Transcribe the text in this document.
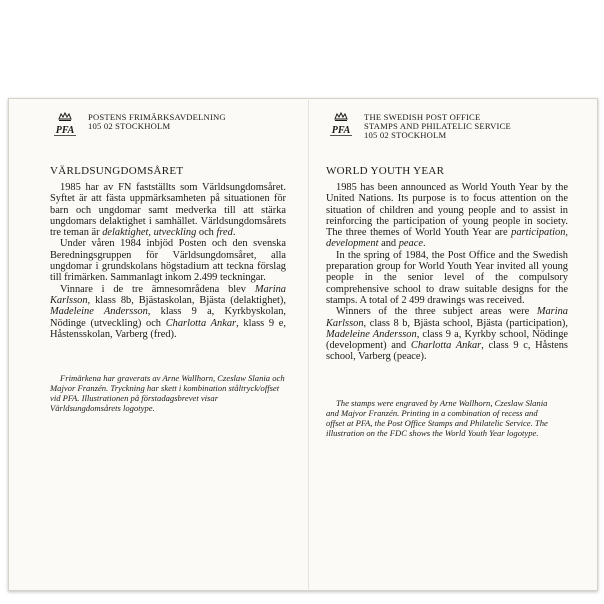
PFA
POSTENS FRIMÄRKSAVDELNING
105 02 STOCKHOLM
VÄRLDSUNGDOMSÅRET

1985 har av FN fastställts som Världsungdomsåret. Syftet är att fästa uppmärksamheten på situationen för barn och ungdomar samt medverka till att stärka ungdomars delaktighet i samhället. Världsungdomsårets tre teman är delaktighet, utveckling och fred.

Under våren 1984 inbjöd Posten och den svenska Beredningsgruppen för Världsungdomsåret, alla ungdomar i grundskolans högstadium att teckna förslag till frimärken. Sammanlagt inkom 2.499 teckningar.

Vinnare i de tre ämnesområdena blev Marina Karlsson, klass 8b, Bjästaskolan, Bjästa (delaktighet), Madeleine Andersson, klass 9 a, Kyrkbyskolan, Nödinge (utveckling) och Charlotta Ankar, klass 9 e, Håstensskolan, Varberg (fred).

Frimärkena har graverats av Arne Wallhorn, Czeslaw Slania och Majvor Franzén. Tryckning har skett i kombination ståltryck/offset vid PFA. Illustrationen på förstadagsbrevet visar Världsungdomsårets logotype.
PFA
THE SWEDISH POST OFFICE
STAMPS AND PHILATELIC SERVICE
105 02 STOCKHOLM
WORLD YOUTH YEAR

1985 has been announced as World Youth Year by the United Nations. Its purpose is to focus attention on the situation of children and young people and to assist in reinforcing the participation of young people in society. The three themes of World Youth Year are participation, development and peace.

In the spring of 1984, the Post Office and the Swedish preparation group for World Youth Year invited all young people in the senior level of the compulsory comprehensive school to draw suitable designs for the stamps. A total of 2 499 drawings was received.

Winners of the three subject areas were Marina Karlsson, class 8 b, Bjästa school, Bjästa (participation), Madeleine Andersson, class 9 a, Kyrkby school, Nödinge (development) and Charlotta Ankar, class 9 c, Håstens school, Varberg (peace).

The stamps were engraved by Arne Wallhorn, Czeslaw Slania and Majvor Franzén. Printing in a combination of recess and offset at PFA, the Post Office Stamps and Philatelic Service. The illustration on the FDC shows the World Youth Year logotype.
